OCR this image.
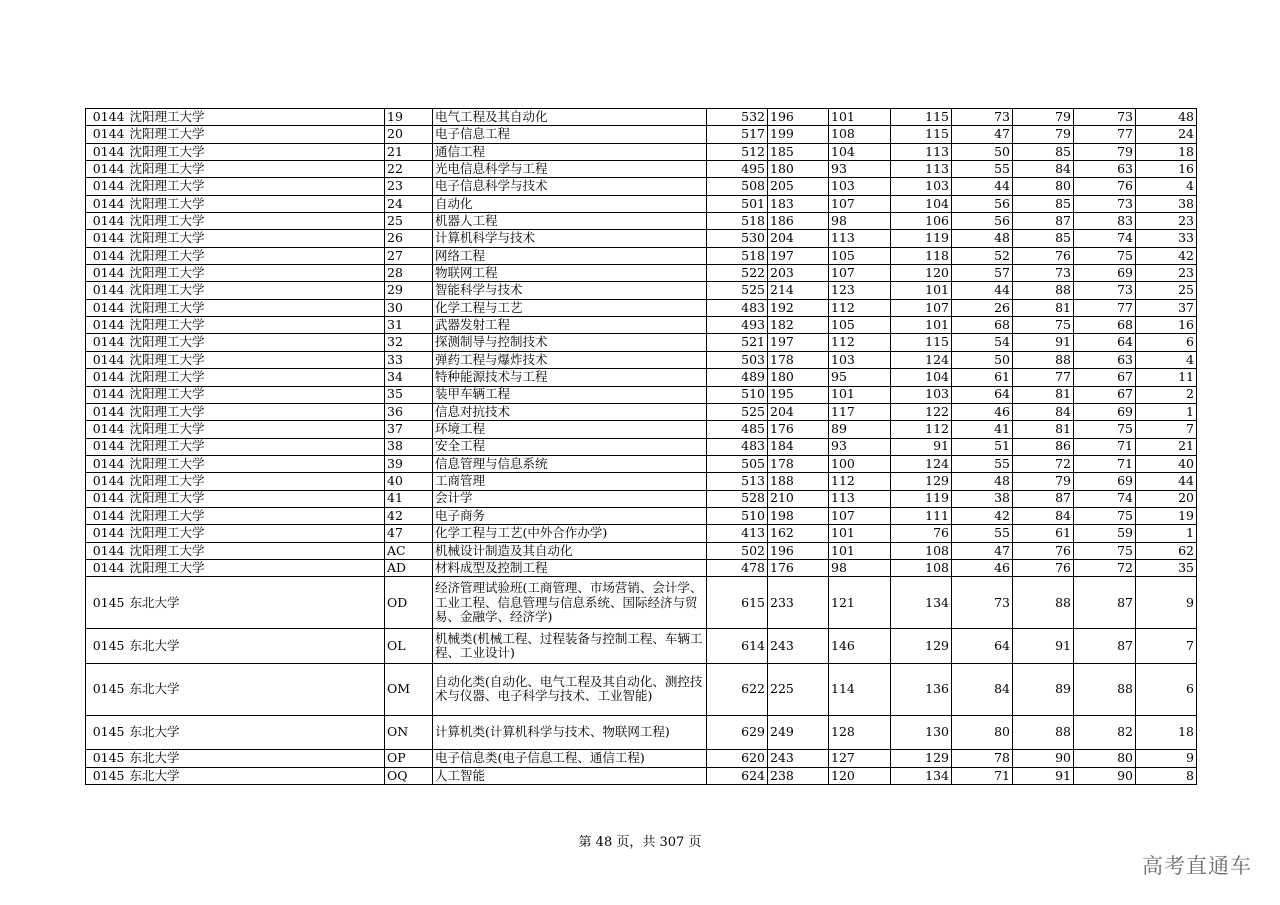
0144	沈阳理工大学	19	电气工程及其自动化	532	196	101	115	73	79	73	48
0144	沈阳理工大学	20	电子信息工程	517	199	108	115	47	79	77	24
0144	沈阳理工大学	21	通信工程	512	185	104	113	50	85	79	18
0144	沈阳理工大学	22	光电信息科学与工程	495	180	93	113	55	84	63	16
0144	沈阳理工大学	23	电子信息科学与技术	508	205	103	103	44	80	76	4
0144	沈阳理工大学	24	自动化	501	183	107	104	56	85	73	38
0144	沈阳理工大学	25	机器人工程	518	186	98	106	56	87	83	23
0144	沈阳理工大学	26	计算机科学与技术	530	204	113	119	48	85	74	33
0144	沈阳理工大学	27	网络工程	518	197	105	118	52	76	75	42
0144	沈阳理工大学	28	物联网工程	522	203	107	120	57	73	69	23
0144	沈阳理工大学	29	智能科学与技术	525	214	123	101	44	88	73	25
0144	沈阳理工大学	30	化学工程与工艺	483	192	112	107	26	81	77	37
0144	沈阳理工大学	31	武器发射工程	493	182	105	101	68	75	68	16
0144	沈阳理工大学	32	探测制导与控制技术	521	197	112	115	54	91	64	6
0144	沈阳理工大学	33	弹药工程与爆炸技术	503	178	103	124	50	88	63	4
0144	沈阳理工大学	34	特种能源技术与工程	489	180	95	104	61	77	67	11
0144	沈阳理工大学	35	装甲车辆工程	510	195	101	103	64	81	67	2
0144	沈阳理工大学	36	信息对抗技术	525	204	117	122	46	84	69	1
0144	沈阳理工大学	37	环境工程	485	176	89	112	41	81	75	7
0144	沈阳理工大学	38	安全工程	483	184	93	91	51	86	71	21
0144	沈阳理工大学	39	信息管理与信息系统	505	178	100	124	55	72	71	40
0144	沈阳理工大学	40	工商管理	513	188	112	129	48	79	69	44
0144	沈阳理工大学	41	会计学	528	210	113	119	38	87	74	20
0144	沈阳理工大学	42	电子商务	510	198	107	111	42	84	75	19
0144	沈阳理工大学	47	化学工程与工艺(中外合作办学)	413	162	101	76	55	61	59	1
0144	沈阳理工大学	AC	机械设计制造及其自动化	502	196	101	108	47	76	75	62
0144	沈阳理工大学	AD	材料成型及控制工程	478	176	98	108	46	76	72	35
0145	东北大学	OD	经济管理试验班(工商管理、市场营销、会计学、工业工程、信息管理与信息系统、国际经济与贸易、金融学、经济学)	615	233	121	134	73	88	87	9
0145	东北大学	OL	机械类(机械工程、过程装备与控制工程、车辆工程、工业设计)	614	243	146	129	64	91	87	7
0145	东北大学	OM	自动化类(自动化、电气工程及其自动化、测控技术与仪器、电子科学与技术、工业智能)	622	225	114	136	84	89	88	6
0145	东北大学	ON	计算机类(计算机科学与技术、物联网工程)	629	249	128	130	80	88	82	18
0145	东北大学	OP	电子信息类(电子信息工程、通信工程)	620	243	127	129	78	90	80	9
0145	东北大学	OQ	人工智能	624	238	120	134	71	91	90	8
第 48 页，共 307 页
高考直通车
